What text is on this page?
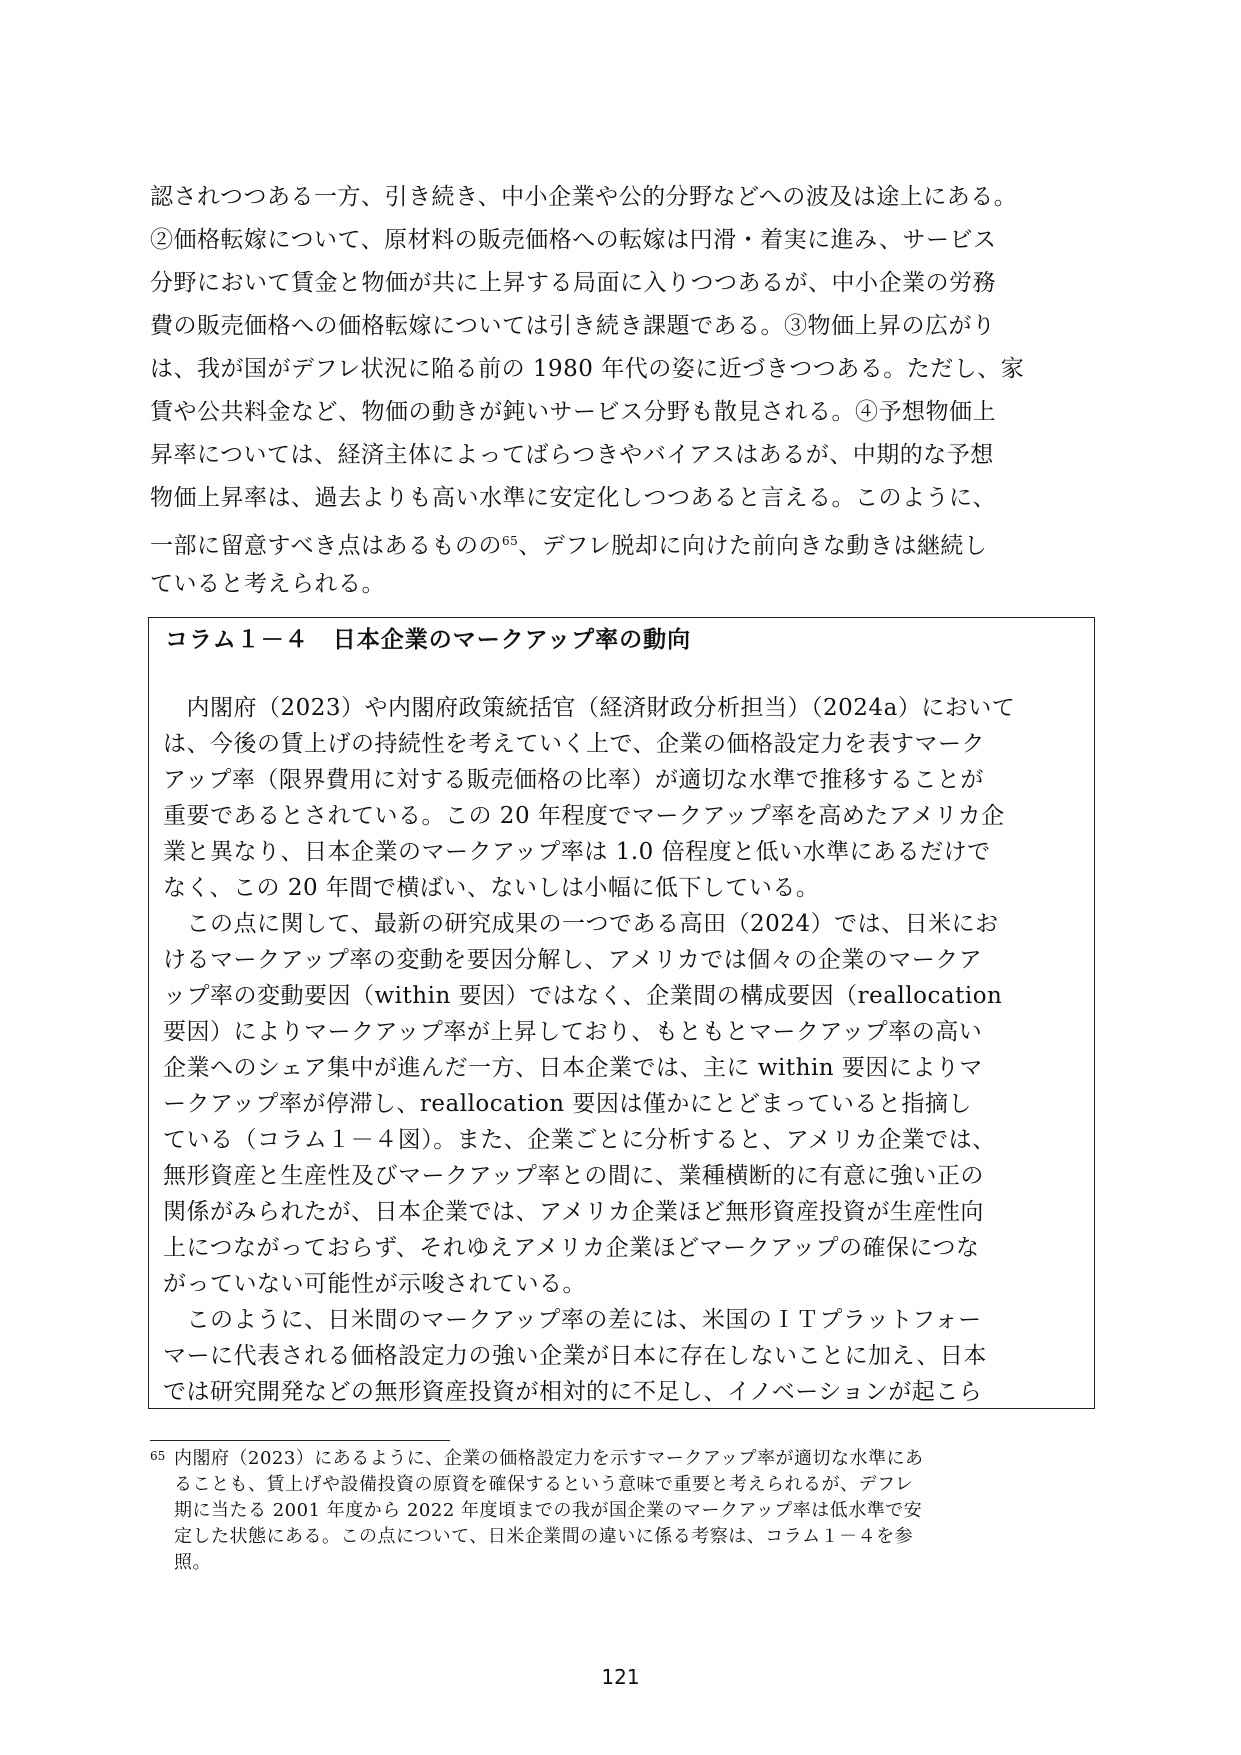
認されつつある一方、引き続き、中小企業や公的分野などへの波及は途上にある。
②価格転嫁について、原材料の販売価格への転嫁は円滑・着実に進み、サービス
分野において賃金と物価が共に上昇する局面に入りつつあるが、中小企業の労務
費の販売価格への価格転嫁については引き続き課題である。③物価上昇の広がり
は、我が国がデフレ状況に陥る前の 1980 年代の姿に近づきつつある。ただし、家
賃や公共料金など、物価の動きが鈍いサービス分野も散見される。④予想物価上
昇率については、経済主体によってばらつきやバイアスはあるが、中期的な予想
物価上昇率は、過去よりも高い水準に安定化しつつあると言える。このように、
一部に留意すべき点はあるものの$^{65}$、デフレ脱却に向けた前向きな動きは継続し
ていると考えられる。
コラム１－４　日本企業のマークアップ率の動向
　内閣府（2023）や内閣府政策統括官（経済財政分析担当）（2024a）において
は、今後の賃上げの持続性を考えていく上で、企業の価格設定力を表すマーク
アップ率（限界費用に対する販売価格の比率）が適切な水準で推移することが
重要であるとされている。この 20 年程度でマークアップ率を高めたアメリカ企
業と異なり、日本企業のマークアップ率は 1.0 倍程度と低い水準にあるだけで
なく、この 20 年間で横ばい、ないしは小幅に低下している。
　この点に関して、最新の研究成果の一つである高田（2024）では、日米にお
けるマークアップ率の変動を要因分解し、アメリカでは個々の企業のマークア
ップ率の変動要因（within 要因）ではなく、企業間の構成要因（reallocation
要因）によりマークアップ率が上昇しており、もともとマークアップ率の高い
企業へのシェア集中が進んだ一方、日本企業では、主に within 要因によりマ
ークアップ率が停滞し、reallocation 要因は僅かにとどまっていると指摘し
ている（コラム１－４図）。また、企業ごとに分析すると、アメリカ企業では、
無形資産と生産性及びマークアップ率との間に、業種横断的に有意に強い正の
関係がみられたが、日本企業では、アメリカ企業ほど無形資産投資が生産性向
上につながっておらず、それゆえアメリカ企業ほどマークアップの確保につな
がっていない可能性が示唆されている。
　このように、日米間のマークアップ率の差には、米国のＩＴプラットフォー
マーに代表される価格設定力の強い企業が日本に存在しないことに加え、日本
では研究開発などの無形資産投資が相対的に不足し、イノベーションが起こら
65 内閣府（2023）にあるように、企業の価格設定力を示すマークアップ率が適切な水準にあ
ることも、賃上げや設備投資の原資を確保するという意味で重要と考えられるが、デフレ
期に当たる 2001 年度から 2022 年度頃までの我が国企業のマークアップ率は低水準で安
定した状態にある。この点について、日米企業間の違いに係る考察は、コラム１－４を参
照。
121
